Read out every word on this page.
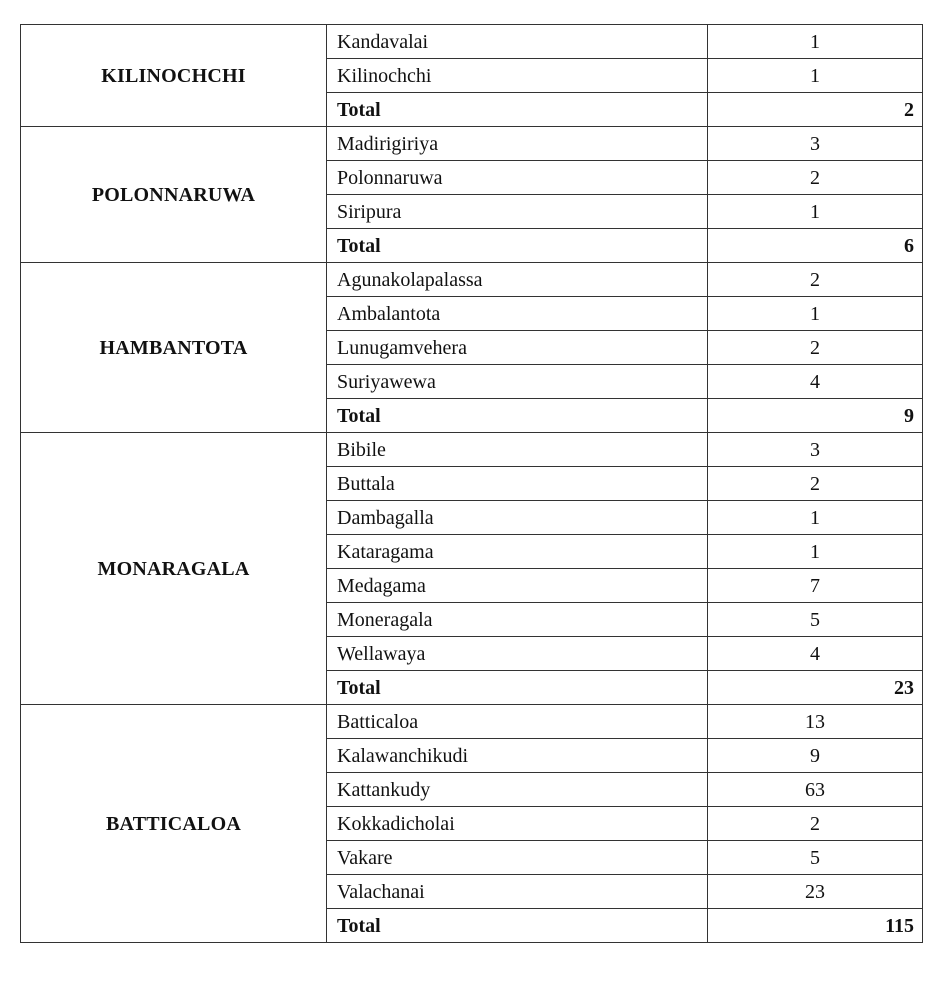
KILINOCHCHI	Kandavalai	1
	Kilinochchi	1
	Total	2
POLONNARUWA	Madirigiriya	3
	Polonnaruwa	2
	Siripura	1
	Total	6
HAMBANTOTA	Agunakolapalassa	2
	Ambalantota	1
	Lunugamvehera	2
	Suriyawewa	4
	Total	9
MONARAGALA	Bibile	3
	Buttala	2
	Dambagalla	1
	Kataragama	1
	Medagama	7
	Moneragala	5
	Wellawaya	4
	Total	23
BATTICALOA	Batticaloa	13
	Kalawanchikudi	9
	Kattankudy	63
	Kokkadicholai	2
	Vakare	5
	Valachanai	23
	Total	115
